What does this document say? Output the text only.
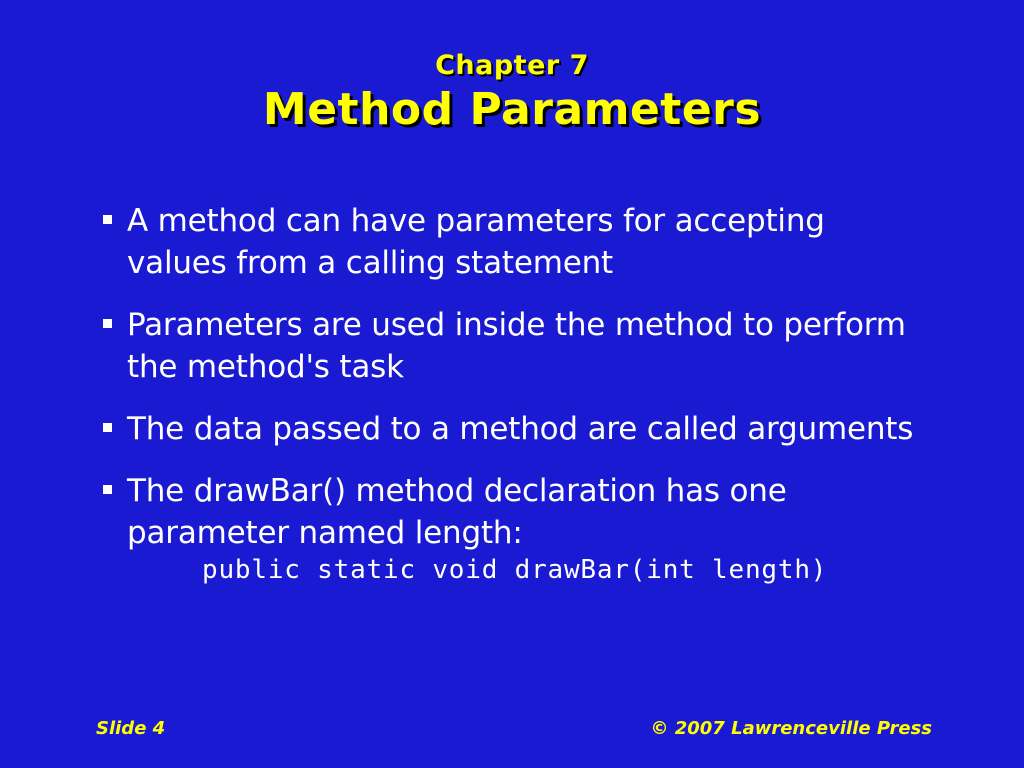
Chapter 7
Method Parameters
A method can have parameters for accepting values from a calling statement
Parameters are used inside the method to perform the method's task
The data passed to a method are called arguments
The drawBar() method declaration has one parameter named length:
public static void drawBar(int length)
Slide 4	© 2007 Lawrenceville Press
